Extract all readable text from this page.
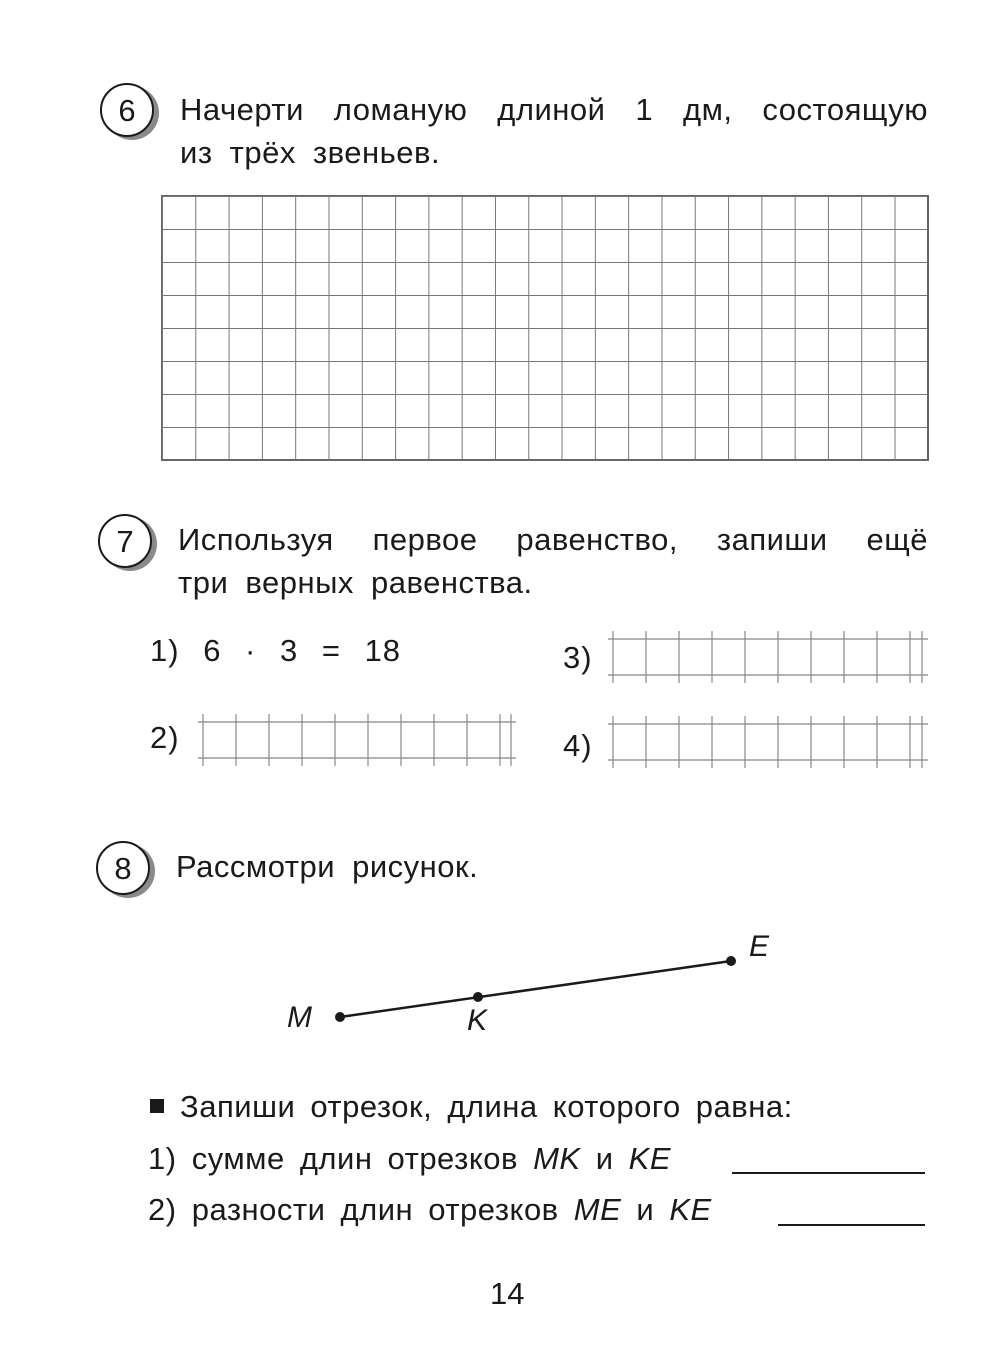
6 Начерти ломаную длиной 1 дм, состоящую
из трёх звеньев.
7 Используя первое равенство, запиши ещё
три верных равенства.
1) 6 · 3 = 18
2)
3)
4)
8 Рассмотри рисунок.
M	K
E
Запиши отрезок, длина которого равна:
1) сумме длин отрезков MK и KE
2) разности длин отрезков ME и KE
14
